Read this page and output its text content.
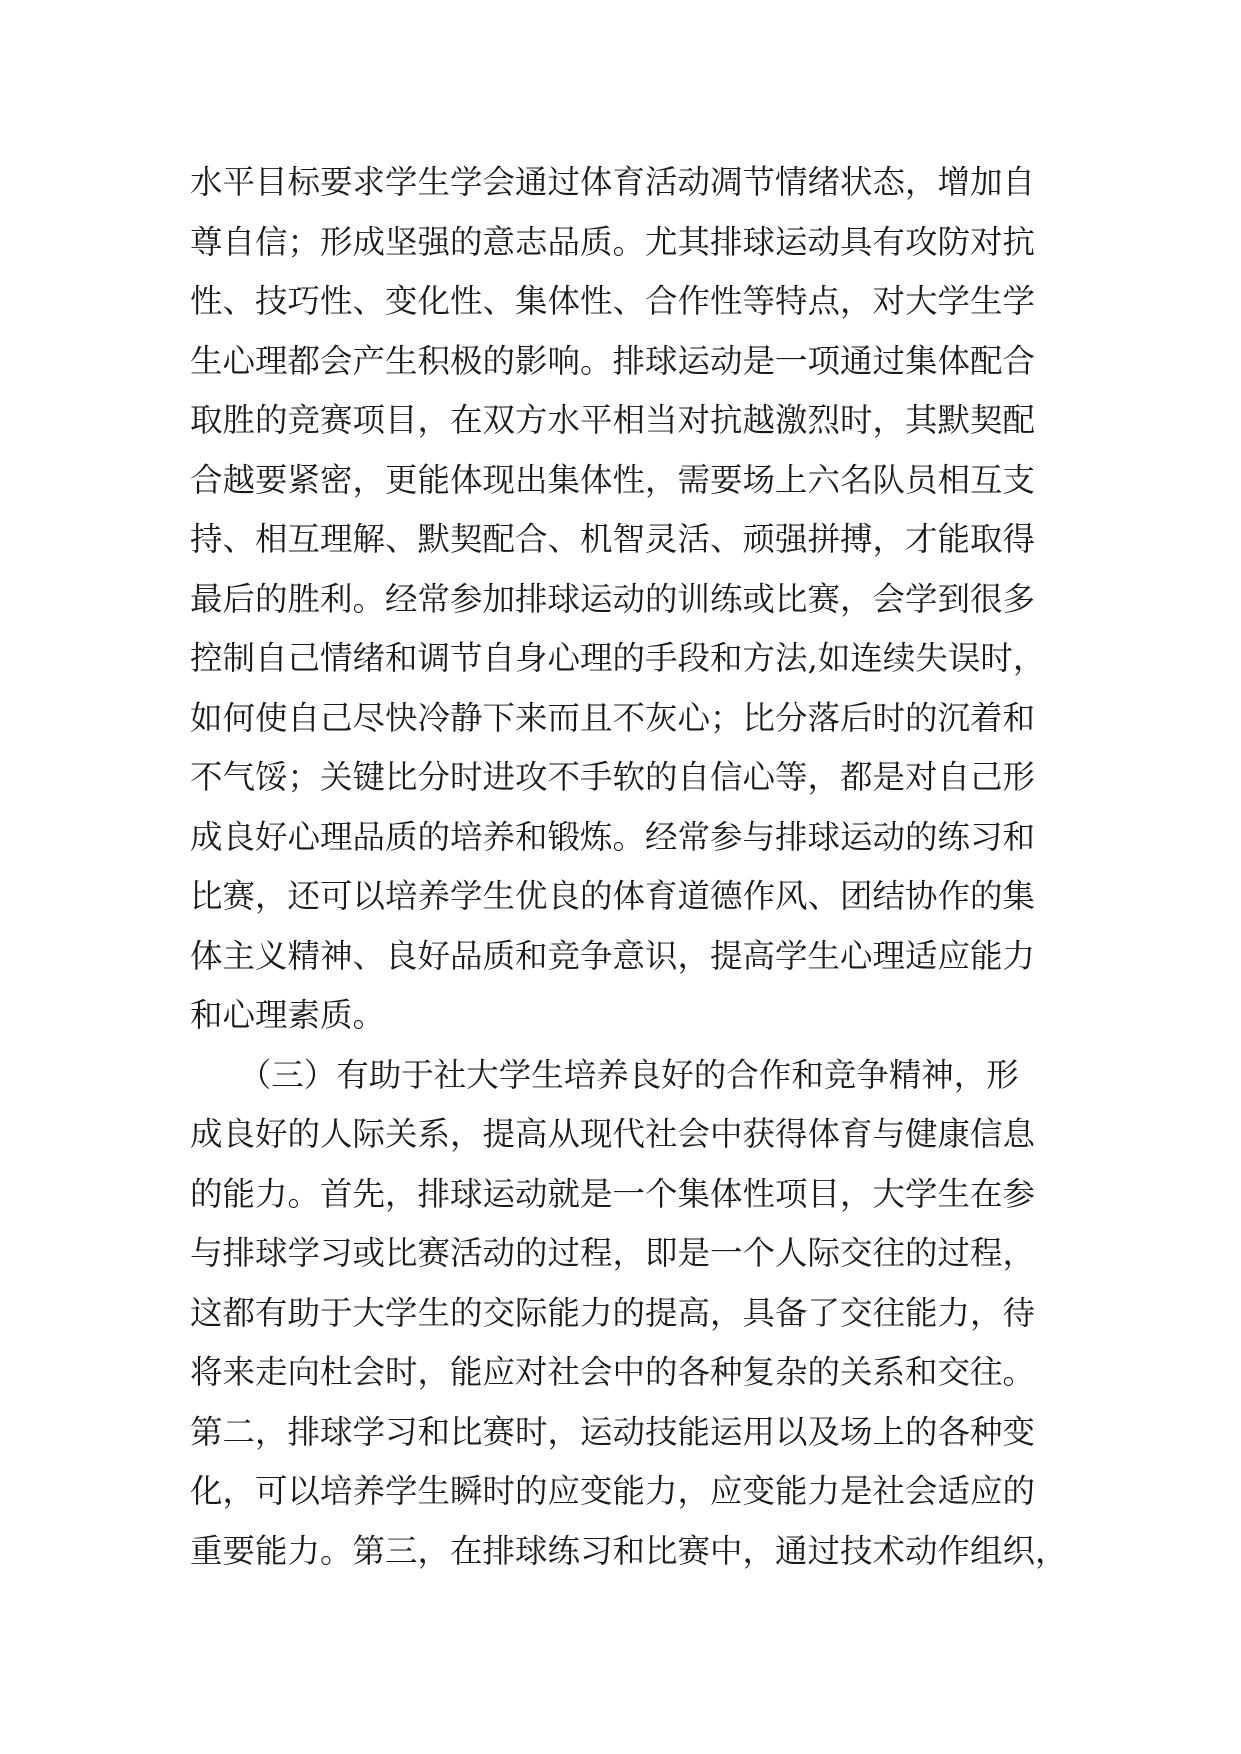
水平目标要求学生学会通过体育活动凋节情绪状态，增加自
尊自信；形成坚强的意志品质。尤其排球运动具有攻防对抗
性、技巧性、变化性、集体性、合作性等特点，对大学生学
生心理都会产生积极的影响。排球运动是一项通过集体配合
取胜的竞赛项目，在双方水平相当对抗越激烈时，其默契配
合越要紧密，更能体现出集体性，需要场上六名队员相互支
持、相互理解、默契配合、机智灵活、顽强拼搏，才能取得
最后的胜利。经常参加排球运动的训练或比赛，会学到很多
控制自己情绪和调节自身心理的手段和方法,如连续失误时，
如何使自己尽快冷静下来而且不灰心；比分落后时的沉着和
不气馁；关键比分时进攻不手软的自信心等，都是对自己形
成良好心理品质的培养和锻炼。经常参与排球运动的练习和
比赛，还可以培养学生优良的体育道德作风、团结协作的集
体主义精神、良好品质和竞争意识，提高学生心理适应能力
和心理素质。
　　（三）有助于社大学生培养良好的合作和竞争精神，形
成良好的人际关系，提高从现代社会中获得体育与健康信息
的能力。首先，排球运动就是一个集体性项目，大学生在参
与排球学习或比赛活动的过程，即是一个人际交往的过程，
这都有助于大学生的交际能力的提高，具备了交往能力，待
将来走向杜会时，能应对社会中的各种复杂的关系和交往。
第二，排球学习和比赛时，运动技能运用以及场上的各种变
化，可以培养学生瞬时的应变能力，应变能力是社会适应的
重要能力。第三，在排球练习和比赛中，通过技术动作组织，
